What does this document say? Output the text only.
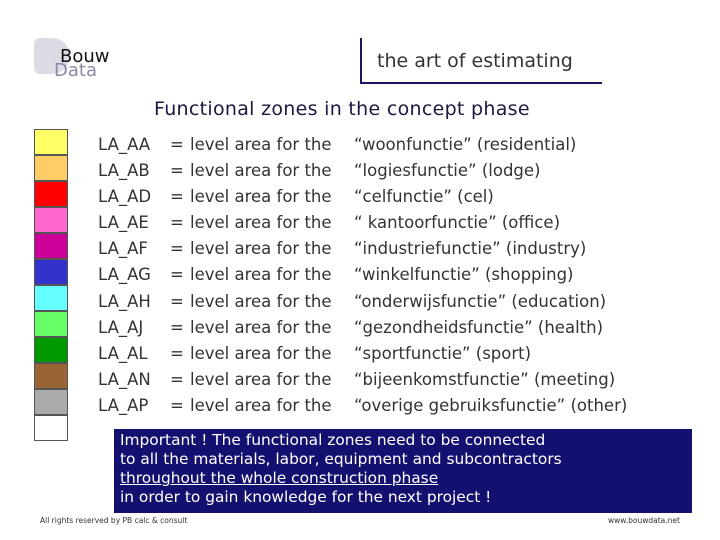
Data
Bouw	the art of estimating
Functional zones in the concept phase
LA_AA	= level area for the	“woonfunctie” (residential)
LA_AB	= level area for the	“logiesfunctie” (lodge)
LA_AD	= level area for the	“celfunctie” (cel)
LA_AE	= level area for the	“ kantoorfunctie” (office)
LA_AF	= level area for the	“industriefunctie” (industry)
LA_AG	= level area for the	“winkelfunctie” (shopping)
LA_AH	= level area for the	“onderwijsfunctie” (education)
LA_AJ	= level area for the	“gezondheidsfunctie” (health)
LA_AL	= level area for the	“sportfunctie” (sport)
LA_AN	= level area for the	“bijeenkomstfunctie” (meeting)
LA_AP	= level area for the	“overige gebruiksfunctie” (other)
Important ! The functional zones need to be connected
to all the materials, labor, equipment and subcontractors
throughout the whole construction phase
in order to gain knowledge for the next project !
All rights reserved by PB calc & consult	www.bouwdata.net
